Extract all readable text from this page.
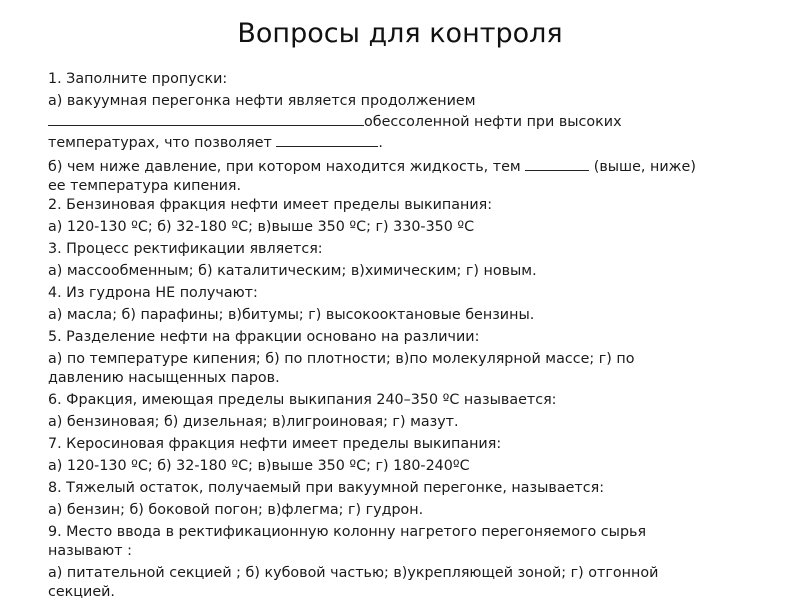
Вопросы для контроля
1. Заполните пропуски:
а) вакуумная перегонка нефти является продолжением
обессоленной нефти при высоких
температурах, что позволяет	.
б) чем ниже давление, при котором находится жидкость, тем	(выше, ниже)
ее температура кипения.
2. Бензиновая фракция нефти имеет пределы выкипания:
а) 120-130 ºС; б) 32-180 ºС; в)выше 350 ºС; г) 330-350 ºС
3. Процесс ректификации является:
а) массообменным; б) каталитическим; в)химическим; г) новым.
4. Из гудрона НЕ получают:
а) масла; б) парафины; в)битумы; г) высокооктановые бензины.
5. Разделение нефти на фракции основано на различии:
а) по температуре кипения; б) по плотности; в)по молекулярной массе; г) по
давлению насыщенных паров.
6. Фракция, имеющая пределы выкипания 240–350 ºС называется:
а) бензиновая; б) дизельная; в)лигроиновая; г) мазут.
7. Керосиновая фракция нефти имеет пределы выкипания:
а) 120-130 ºС; б) 32-180 ºС; в)выше 350 ºС; г) 180-240ºС
8. Тяжелый остаток, получаемый при вакуумной перегонке, называется:
а) бензин; б) боковой погон; в)флегма; г) гудрон.
9. Место ввода в ректификационную колонну нагретого перегоняемого сырья
называют :
а) питательной секцией ; б) кубовой частью; в)укрепляющей зоной; г) отгонной
секцией.
